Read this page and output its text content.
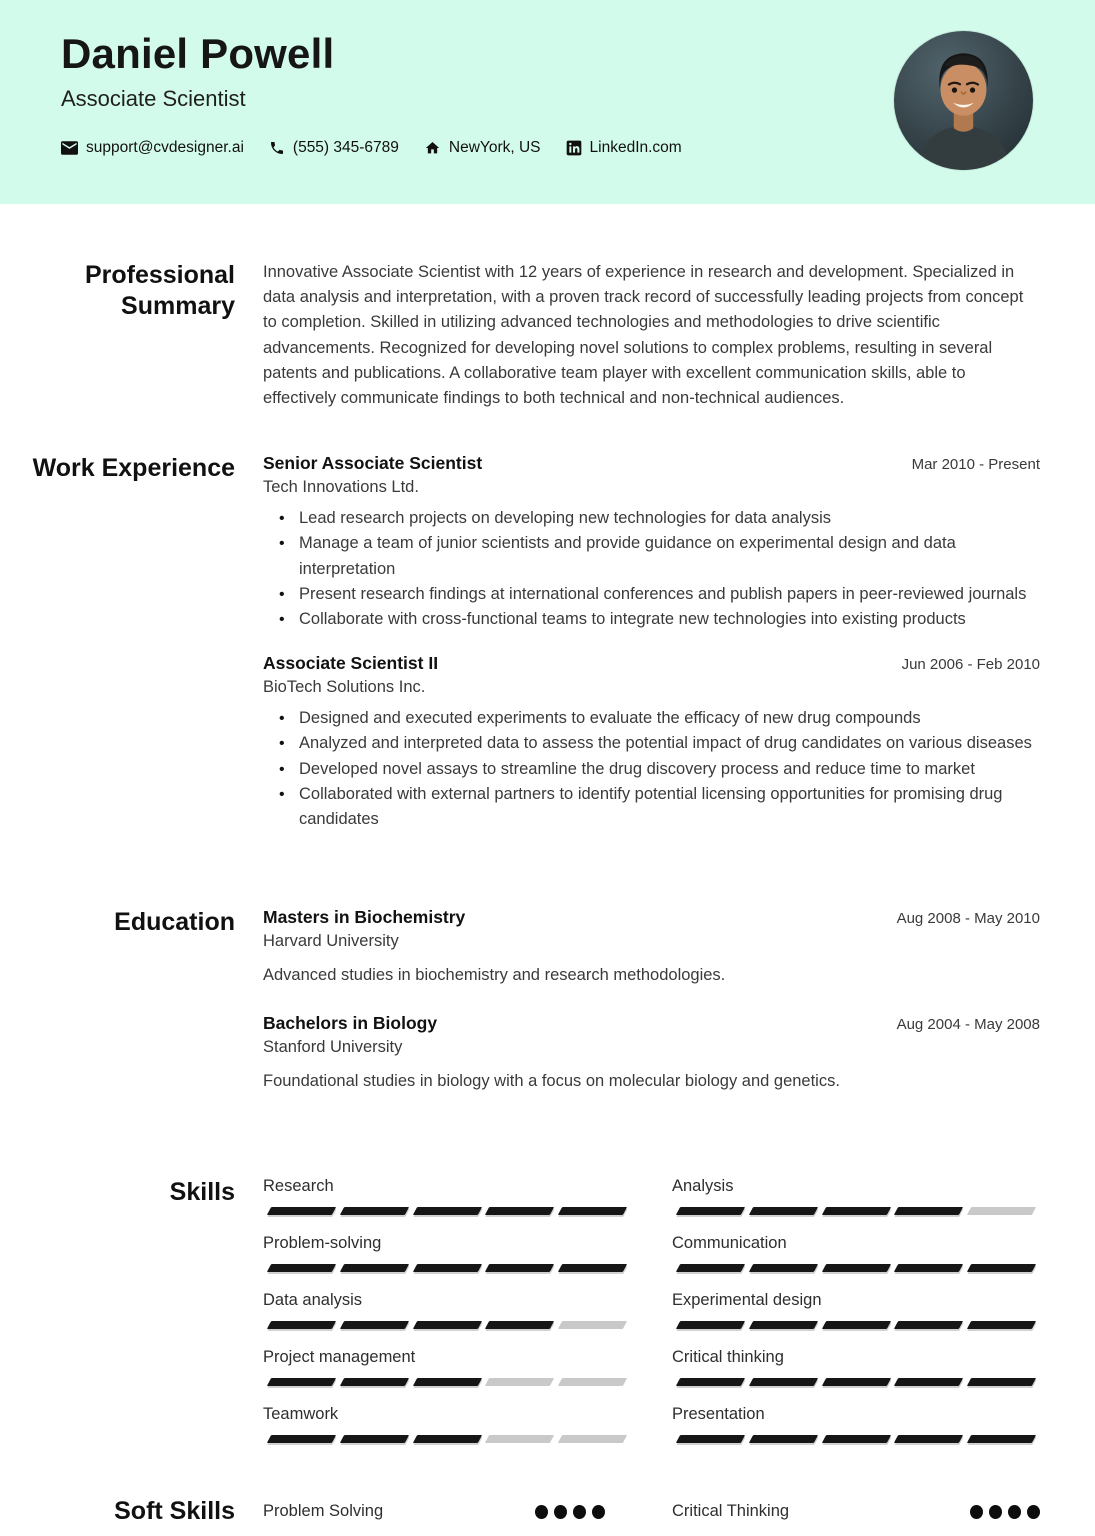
Daniel Powell
Associate Scientist
support@cvdesigner.ai	(555) 345-6789	NewYork, US	LinkedIn.com
Professional Summary
Innovative Associate Scientist with 12 years of experience in research and development. Specialized in data analysis and interpretation, with a proven track record of successfully leading projects from concept to completion. Skilled in utilizing advanced technologies and methodologies to drive scientific advancements. Recognized for developing novel solutions to complex problems, resulting in several patents and publications. A collaborative team player with excellent communication skills, able to effectively communicate findings to both technical and non-technical audiences.
Work Experience Senior Associate Scientist	Mar 2010 - Present
Tech Innovations Ltd.
• Lead research projects on developing new technologies for data analysis
• Manage a team of junior scientists and provide guidance on experimental design and data interpretation
• Present research findings at international conferences and publish papers in peer-reviewed journals
• Collaborate with cross-functional teams to integrate new technologies into existing products
Associate Scientist II	Jun 2006 - Feb 2010
BioTech Solutions Inc.
• Designed and executed experiments to evaluate the efficacy of new drug compounds
• Analyzed and interpreted data to assess the potential impact of drug candidates on various diseases
• Developed novel assays to streamline the drug discovery process and reduce time to market
• Collaborated with external partners to identify potential licensing opportunities for promising drug candidates
Education Masters in Biochemistry	Aug 2008 - May 2010
Harvard University
Advanced studies in biochemistry and research methodologies.
Bachelors in Biology	Aug 2004 - May 2008
Stanford University
Foundational studies in biology with a focus on molecular biology and genetics.
Skills Research	Analysis
Problem-solving	Communication
Data analysis	Experimental design
Project management	Critical thinking
Teamwork	Presentation
Soft Skills Problem Solving	Critical Thinking
